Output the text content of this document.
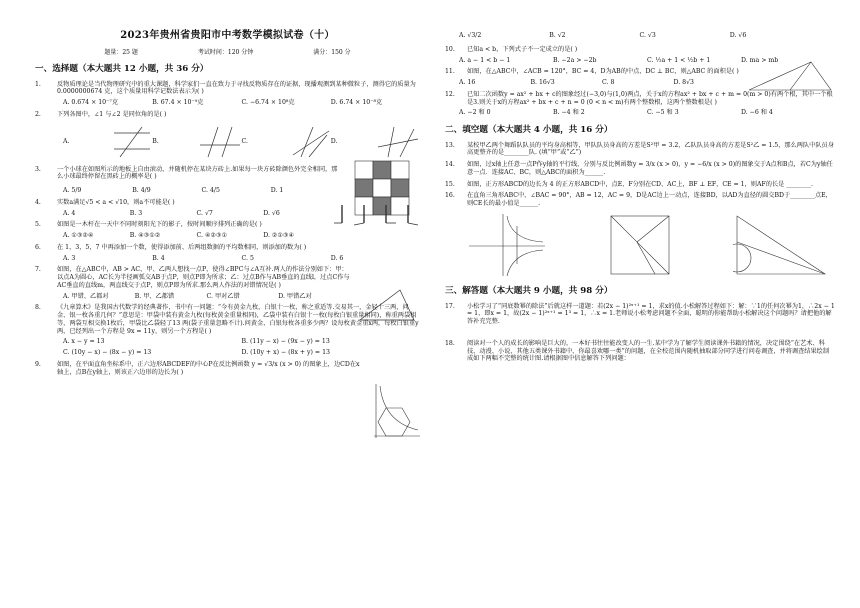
2023年贵州省贵阳市中考数学模拟试卷（十）
题量：25 题	考试时间：120 分钟	满分：150 分
一、选择题（本大题共 12 小题，共 36 分）
1.	反物质理论是当代物理研究中的重大课题，科学家们一直在致力于寻找反物质存在的证据，现播观测到某种微粒子，测得它的质量为 0.0000000674 克，这个质量用科学记数法表示为( )
A. 0.674 × 10⁻⁷克	B. 67.4 × 10⁻⁹克	C. −6.74 × 10⁸克	D. 6.74 × 10⁻⁸克
2.	下列各图中，∠1 与∠2 是同位角的是( )
A.	B.	C.	D.
3.	一个小球在如图所示的地板上自由滚动，并随机停在某块方砖上.如果每一块方砖除颜色外完全相同，那么小球最终停留在黑砖上的概率是( )
A. 5/9	B. 4/9	C. 4/5	D. 1
4.	实数a满足√5 < a < √10，则a不可能是( )
A. 4	B. 3	C. √7	D. √6
5.	如图是一木杆在一天中不同时刻阳光下的影子，按时间顺序排列正确的是( )
A. ①③②④	B. ④③①②	C. ④②③①	D. ②①③④
6.	在 1，3，5，7 中再添加一个数，使得添加前、后两组数据的平均数相同，则添加的数为( )
A. 3	B. 4	C. 5	D. 6
7.	如图，在△ABC中，AB > AC，甲、乙两人想找一点P，使得∠BPC与∠A互补.两人的作法分别如下：甲：以点A为圆心，AC长为半径画弧交AB于点P，则点P即为所求；乙：过点B作与AB垂直的直线l，过点C作与AC垂直的直线m，两直线交于点P，则点P即为所求.那么两人作法的对错情况是( )
A. 甲错、乙都对	B. 甲、乙都错	C. 甲对乙错	D. 甲错乙对
8.	《九章算术》是我国古代数学的经典著作，书中有一问题：“今有黄金九枚，白银十一枚，称之重适等.交易其一，金轻十三两，问金、银一枚各重几何？”意思是：甲袋中装有黄金九枚(每枚黄金重量相同)，乙袋中装有白银十一枚(每枚白银重量相同)，称重两袋相等，两袋互相交换1枚后，甲袋比乙袋轻了13 两(袋子重量忽略不计).问黄金、白银每枚各重多少两？设每枚黄金重x两，每枚白银重y两，已经列出一个方程是 9x = 11y，则另一个方程是( )
A. x − y = 13	B. (11y − x) − (9x − y) = 13
C. (10y − x) − (8x − y) = 13	D. (10y + x) − (8x + y) = 13
9.	如图，在平面直角坐标系中，正六边形ABCDEF的中心P在反比例函数 y = √3/x (x > 0) 的图象上，边CD在x轴上，点B在y轴上，则该正六边形的边长为( )
A. √3/2	B. √2	C. √3	D. √6
10.	已知a < b，下列式子不一定成立的是( )
A. a − 1 < b − 1	B. −2a > −2b	C. ½a + 1 < ½b + 1	D. ma > mb
11.	如图，在△ABC中，∠ACB = 120°，BC = 4，D为AB的中点，DC ⊥ BC，则△ABC 的面积是( )
A. 16	B. 16√3	C. 8	D. 8√3
12.	已知二次函数y = ax² + bx + c的图象经过(−3,0)与(1,0)两点，关于x的方程ax² + bx + c + m = 0(m > 0)有两个根，其中一个根是3.则关于x的方程ax² + bx + c + n = 0 (0 < n < m)有两个整数根，这两个整数根是( )
A. −2 和 0	B. −4 和 2	C. −5 和 3	D. −6 和 4
二、填空题（本大题共 4 小题，共 16 分）
13.	某校甲乙两个舞蹈队队员的平均身高相等，甲队队员身高的方差是S²甲 = 3.2，乙队队员身高的方差是S²乙 = 1.5，那么两队中队员身高更整齐的是________队. (填“甲”或“乙”)
14.	如图，过x轴上任意一点P作y轴的平行线，分别与反比例函数y = 3/x (x > 0)，y = −6/x (x > 0)的图象交于A点和B点，若C为y轴任意一点．连接AC、BC，则△ABC的面积为______.
15.	如图，正方形ABCD的边长为 4 的正方形ABCD中，点E、F分别在CD、AC上，BF ⊥ EF，CE = 1，则AF的长是 ________.
16.	在直角三角形ABC中，∠BAC = 90°，AB = 12，AC = 9，D是AC边上一动点，连接BD，以AD为直径的圆交BD于________点E，则CE长的最小值是______.
三、解答题（本大题共 9 小题，共 98 分）
17.	小松学习了“同底数幂的除法”后就这样一道题：若(2x − 1)²ˣ⁺¹ = 1，求x的值.小松解答过程如下：解：∵1的任何次幂为1，∴2x − 1 = 1，即x = 1，故(2x − 1)²ˣ⁺¹ = 1³ = 1，∴x = 1.老师说小松考虑问题不全面，聪明的你能帮助小松解决这个问题吗？请把他的解答补充完整.
18.	阅读对一个人的成长的影响是巨大的，一本好书往往能改变人的一生.某中学为了解学生阅读课外书籍的情况，决定围绕“在艺术、科技、动漫、小说、其他五类课外书籍中，你最喜欢哪一类”的问题，在全校范围内随机抽取部分同学进行问卷调查，并将调查结果绘制成如下两幅不完整的统计图.请根据图中信息解答下列问题：
